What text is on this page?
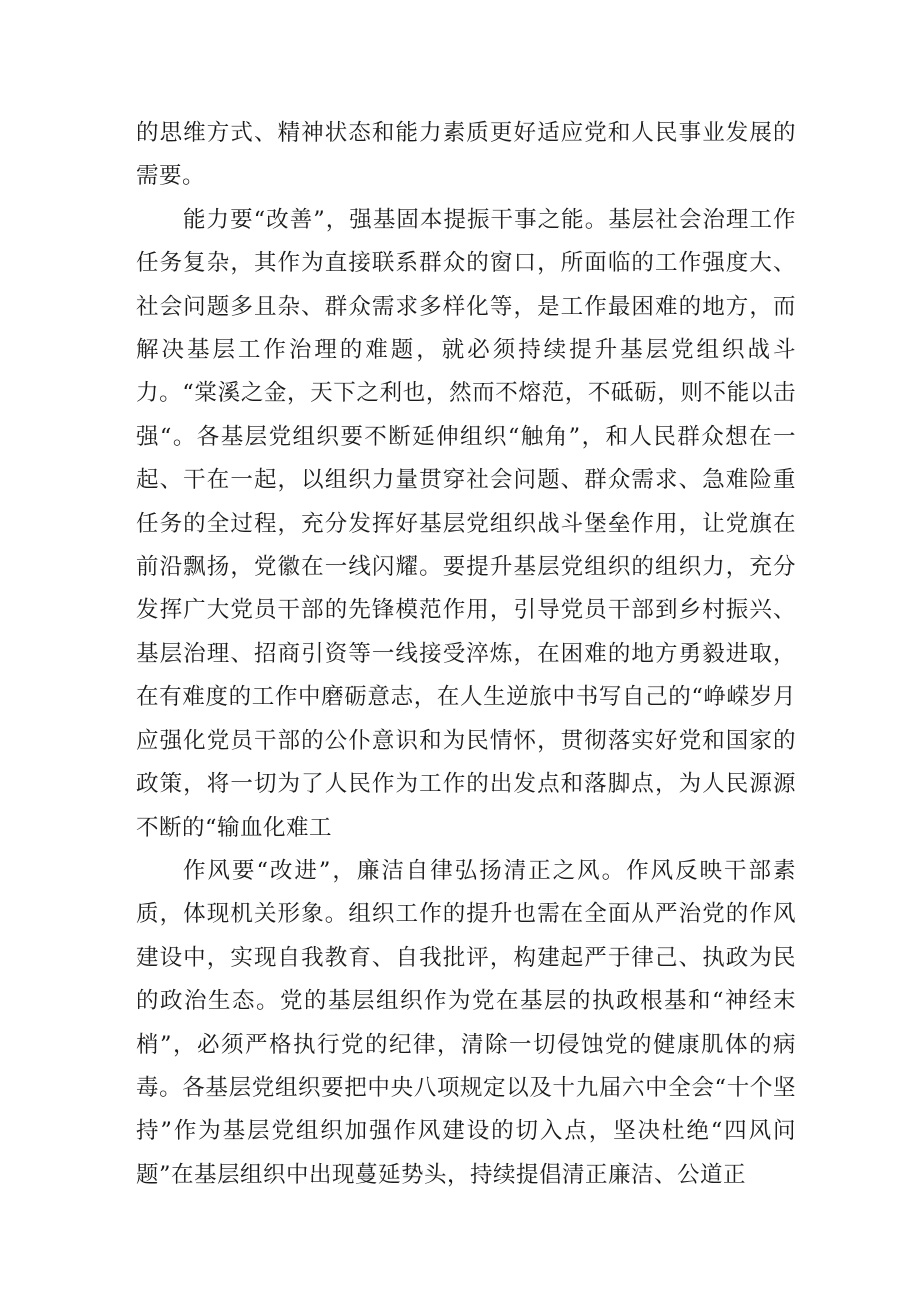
的思维方式、精神状态和能力素质更好适应党和人民事业发展的需要。

能力要“改善”，强基固本提振干事之能。基层社会治理工作任务复杂，其作为直接联系群众的窗口，所面临的工作强度大、社会问题多且杂、群众需求多样化等，是工作最困难的地方，而解决基层工作治理的难题，就必须持续提升基层党组织战斗力。“棠溪之金，天下之利也，然而不熔范，不砥砺，则不能以击强“。各基层党组织要不断延伸组织“触角”，和人民群众想在一起、干在一起，以组织力量贯穿社会问题、群众需求、急难险重任务的全过程，充分发挥好基层党组织战斗堡垒作用，让党旗在前沿飘扬，党徽在一线闪耀。要提升基层党组织的组织力，充分发挥广大党员干部的先锋模范作用，引导党员干部到乡村振兴、基层治理、招商引资等一线接受淬炼，在困难的地方勇毅进取，在有难度的工作中磨砺意志，在人生逆旅中书写自己的“峥嵘岁月应强化党员干部的公仆意识和为民情怀，贯彻落实好党和国家的政策，将一切为了人民作为工作的出发点和落脚点，为人民源源不断的“输血化难工

作风要“改进”，廉洁自律弘扬清正之风。作风反映干部素质，体现机关形象。组织工作的提升也需在全面从严治党的作风建设中，实现自我教育、自我批评，构建起严于律己、执政为民的政治生态。党的基层组织作为党在基层的执政根基和“神经末梢”，必须严格执行党的纪律，清除一切侵蚀党的健康肌体的病毒。各基层党组织要把中央八项规定以及十九届六中全会“十个坚持”作为基层党组织加强作风建设的切入点，坚决杜绝“四风问题”在基层组织中出现蔓延势头，持续提倡清正廉洁、公道正
